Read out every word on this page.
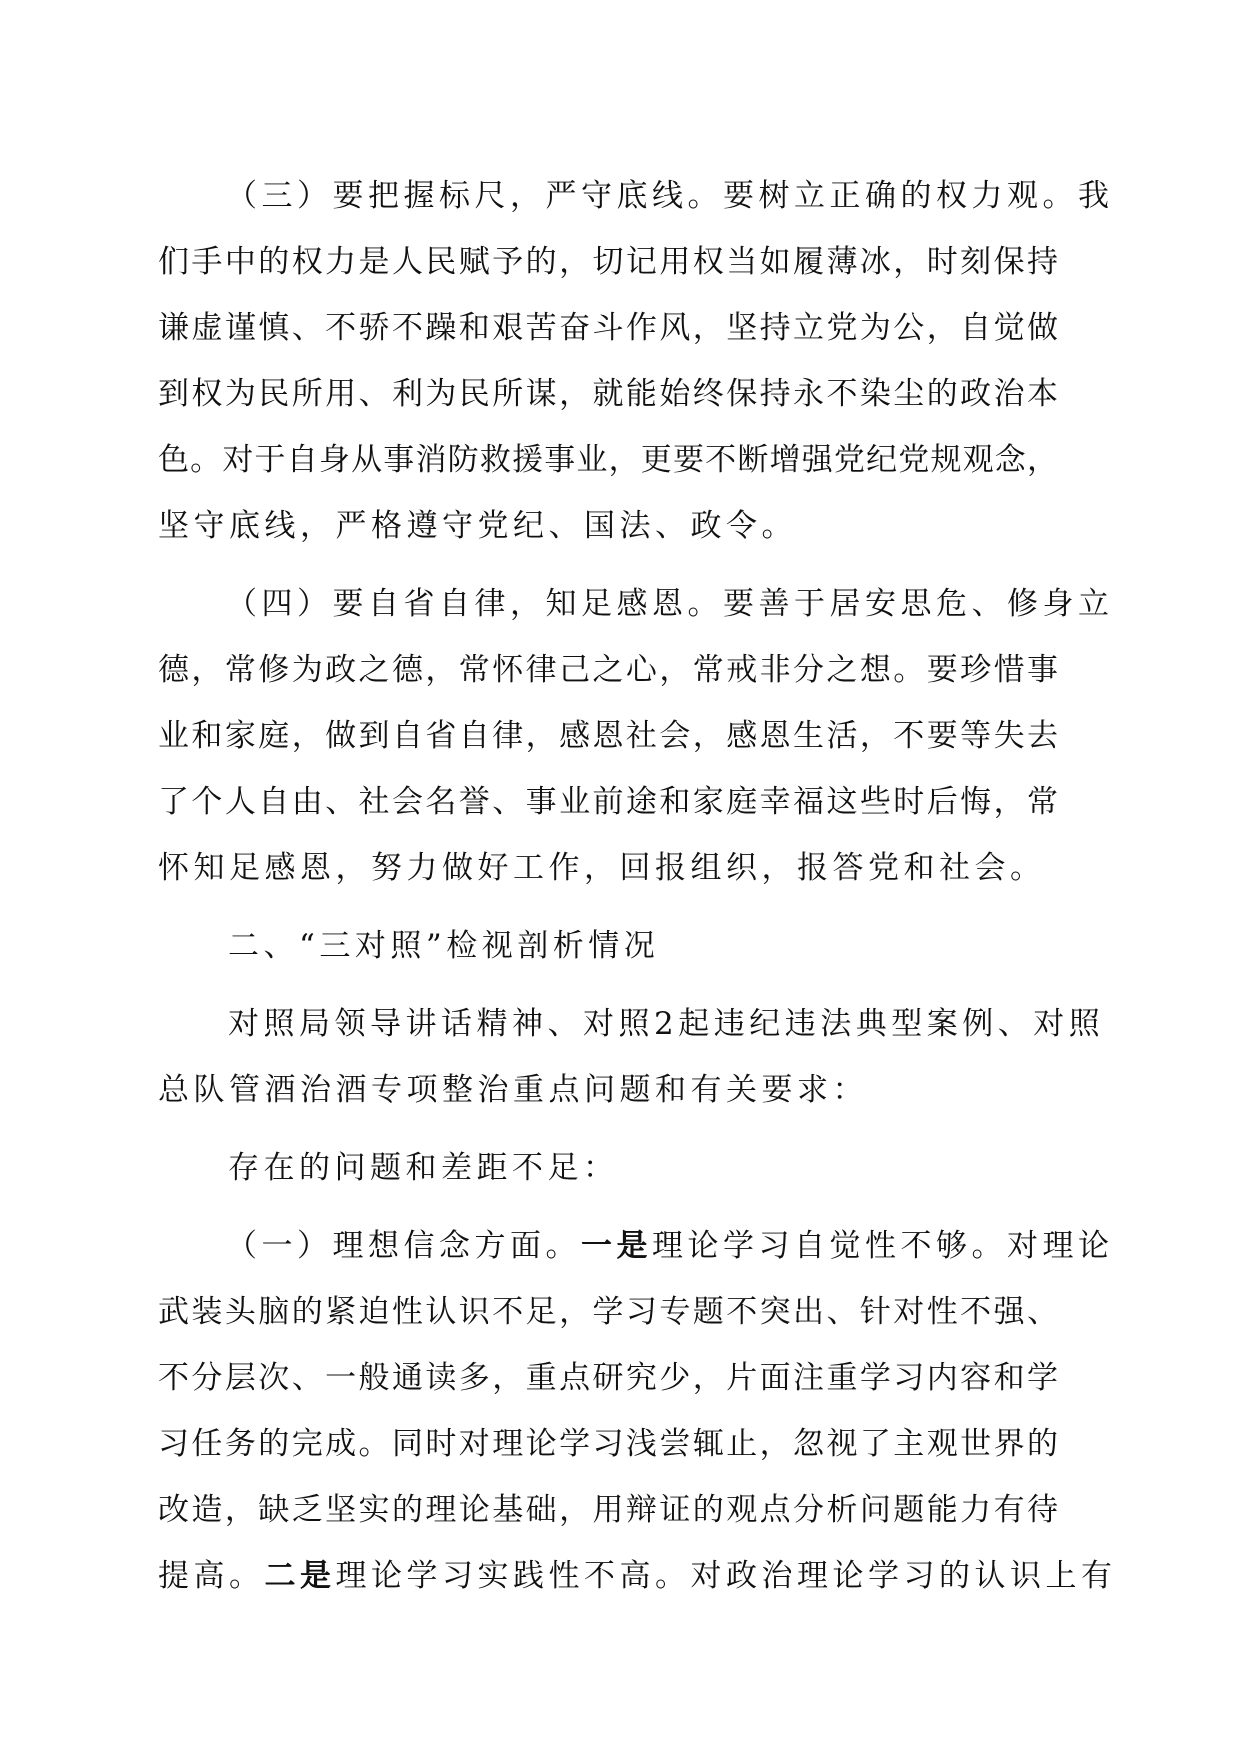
（三）要把握标尺，严守底线。要树立正确的权力观。我
们手中的权力是人民赋予的，切记用权当如履薄冰，时刻保持
谦虚谨慎、不骄不躁和艰苦奋斗作风，坚持立党为公，自觉做
到权为民所用、利为民所谋，就能始终保持永不染尘的政治本
色。对于自身从事消防救援事业，更要不断增强党纪党规观念，
坚守底线，严格遵守党纪、国法、政令。
（四）要自省自律，知足感恩。要善于居安思危、修身立
德，常修为政之德，常怀律己之心，常戒非分之想。要珍惜事
业和家庭，做到自省自律，感恩社会，感恩生活，不要等失去
了个人自由、社会名誉、事业前途和家庭幸福这些时后悔，常
怀知足感恩，努力做好工作，回报组织，报答党和社会。
二、“三对照”检视剖析情况
对照局领导讲话精神、对照2起违纪违法典型案例、对照
总队管酒治酒专项整治重点问题和有关要求：
存在的问题和差距不足：
（一）理想信念方面。一是理论学习自觉性不够。对理论
武装头脑的紧迫性认识不足，学习专题不突出、针对性不强、
不分层次、一般通读多，重点研究少，片面注重学习内容和学
习任务的完成。同时对理论学习浅尝辄止，忽视了主观世界的
改造，缺乏坚实的理论基础，用辩证的观点分析问题能力有待
提高。二是理论学习实践性不高。对政治理论学习的认识上有
